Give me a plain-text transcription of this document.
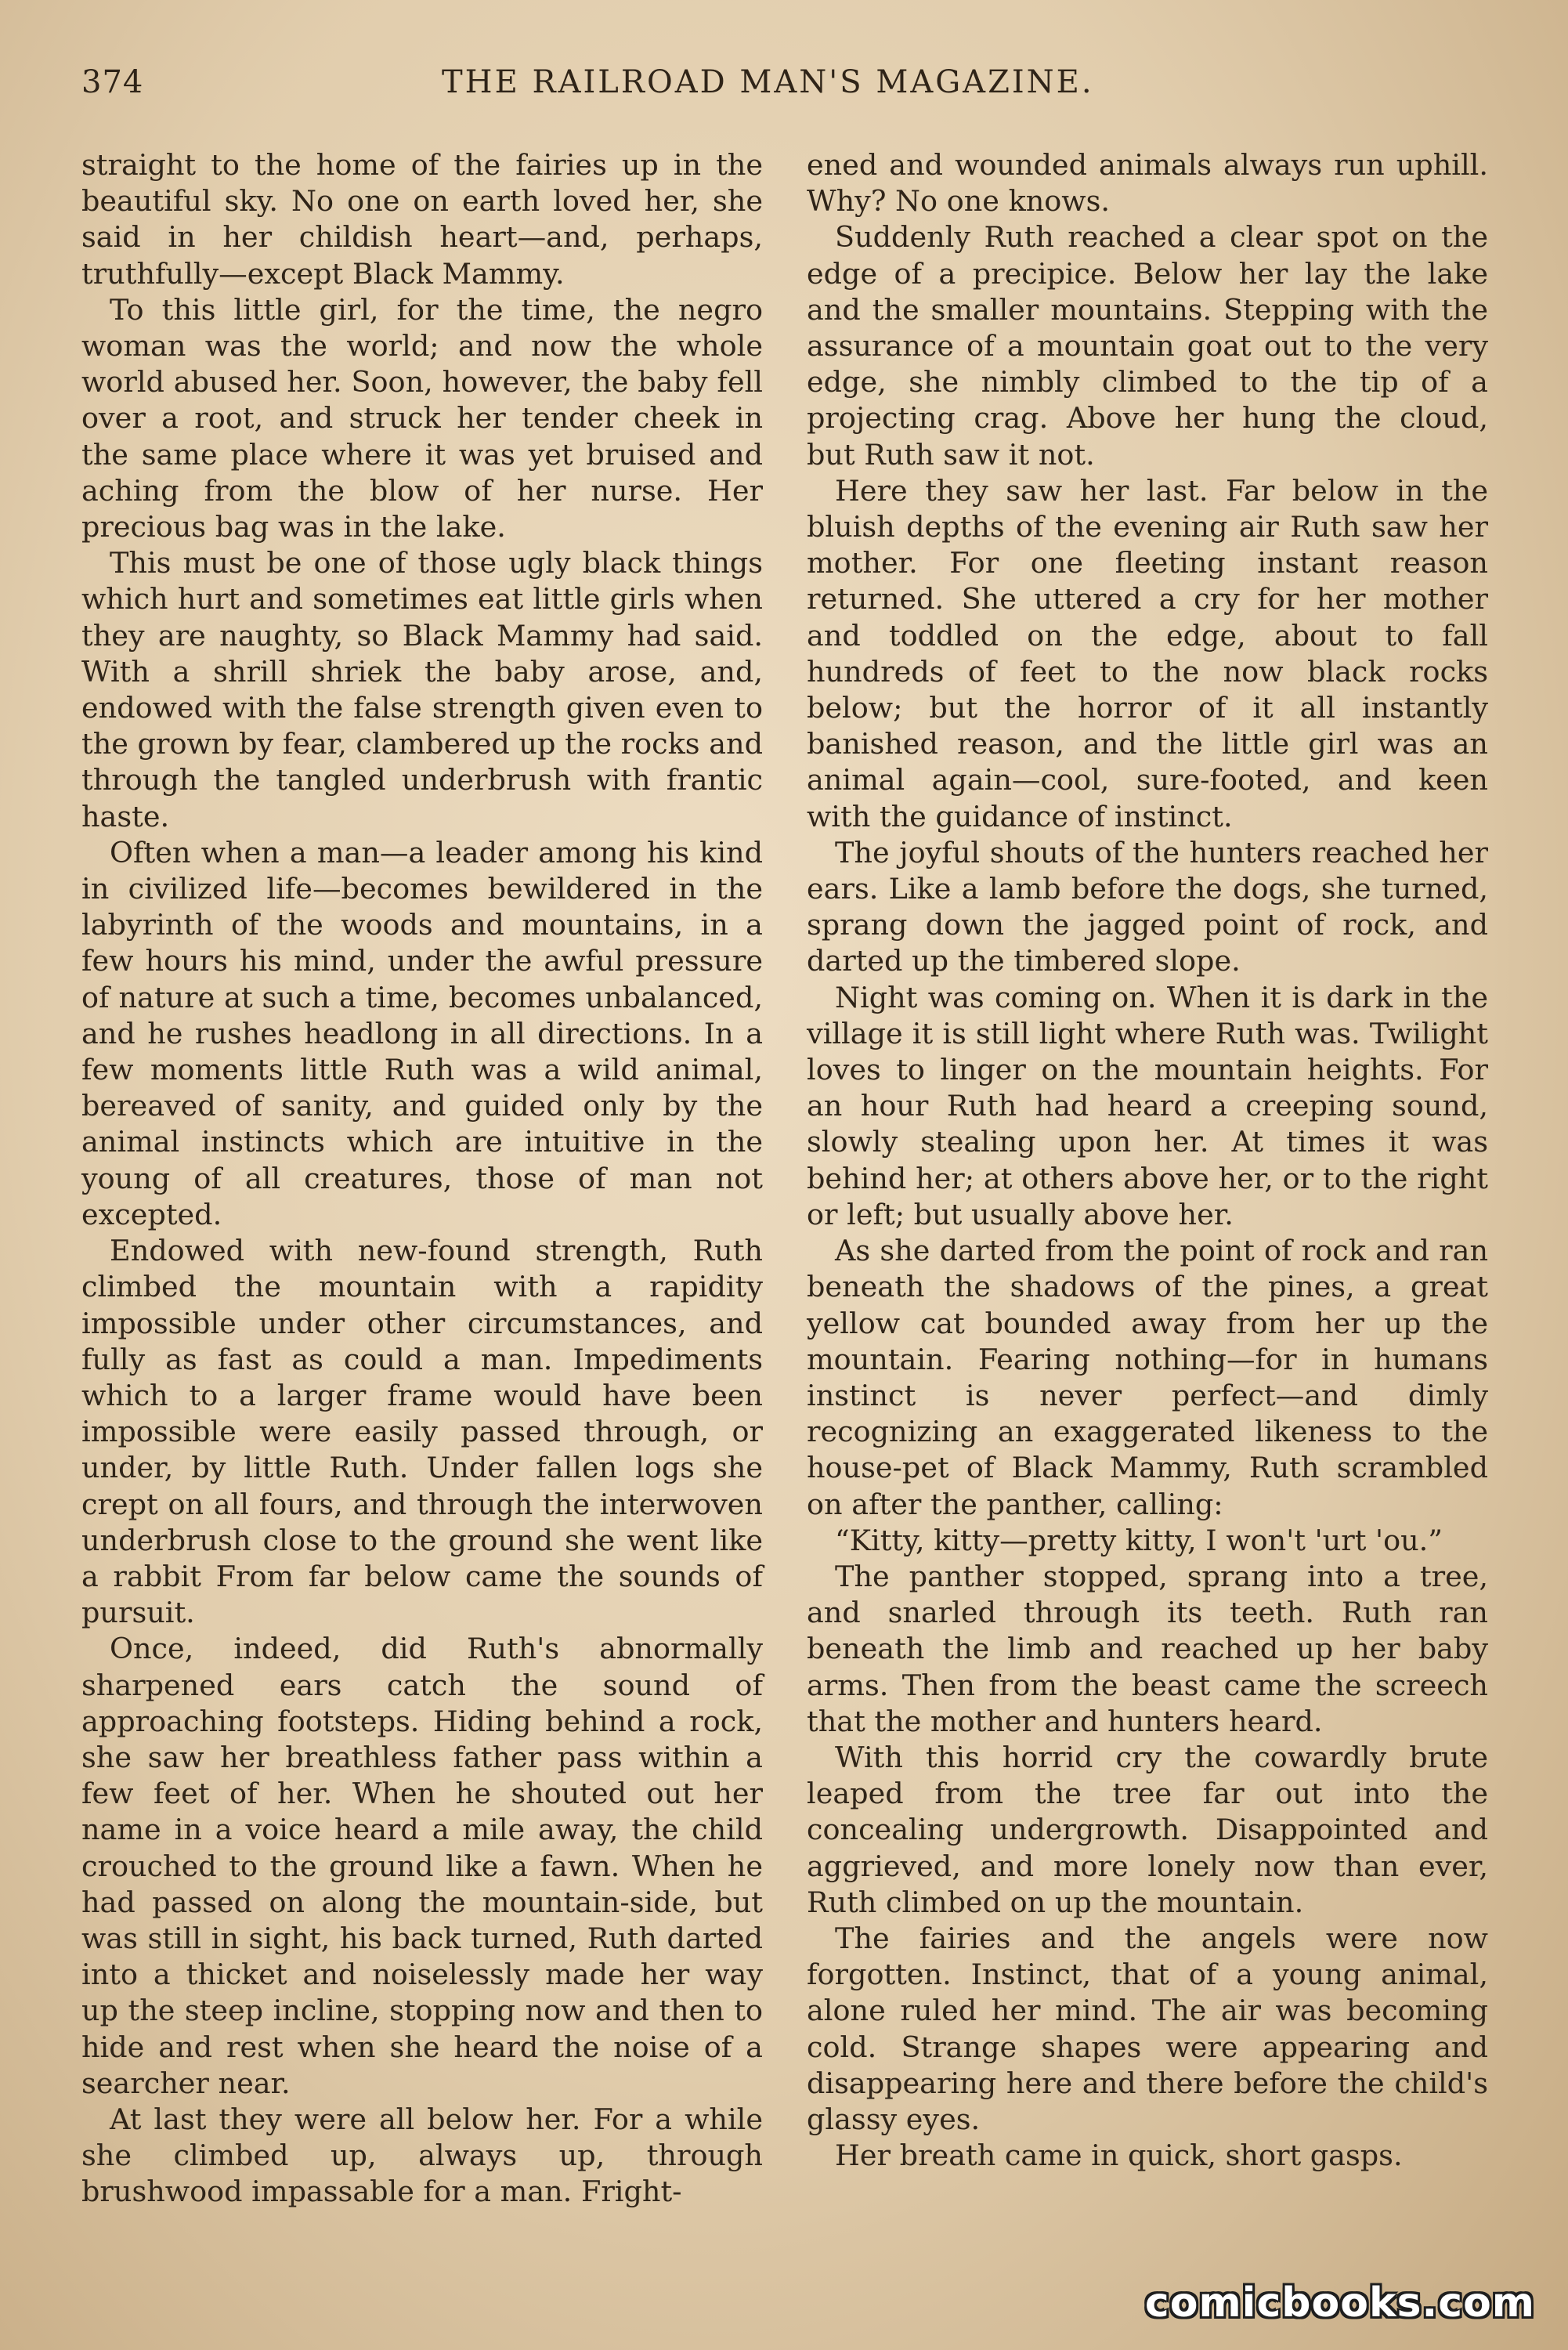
374	THE RAILROAD MAN'S MAGAZINE.

straight to the home of the fairies up in the beautiful sky. No one on earth loved her, she said in her childish heart—and, perhaps, truthfully—except Black Mammy.

To this little girl, for the time, the negro woman was the world; and now the whole world abused her. Soon, however, the baby fell over a root, and struck her tender cheek in the same place where it was yet bruised and aching from the blow of her nurse. Her precious bag was in the lake.

This must be one of those ugly black things which hurt and sometimes eat little girls when they are naughty, so Black Mammy had said. With a shrill shriek the baby arose, and, endowed with the false strength given even to the grown by fear, clambered up the rocks and through the tangled underbrush with frantic haste.

Often when a man—a leader among his kind in civilized life—becomes bewildered in the labyrinth of the woods and mountains, in a few hours his mind, under the awful pressure of nature at such a time, becomes unbalanced, and he rushes headlong in all directions. In a few moments little Ruth was a wild animal, bereaved of sanity, and guided only by the animal instincts which are intuitive in the young of all creatures, those of man not excepted.

Endowed with new-found strength, Ruth climbed the mountain with a rapidity impossible under other circumstances, and fully as fast as could a man. Impediments which to a larger frame would have been impossible were easily passed through, or under, by little Ruth. Under fallen logs she crept on all fours, and through the interwoven underbrush close to the ground she went like a rabbit From far below came the sounds of pursuit.

Once, indeed, did Ruth's abnormally sharpened ears catch the sound of approaching footsteps. Hiding behind a rock, she saw her breathless father pass within a few feet of her. When he shouted out her name in a voice heard a mile away, the child crouched to the ground like a fawn. When he had passed on along the mountain-side, but was still in sight, his back turned, Ruth darted into a thicket and noiselessly made her way up the steep incline, stopping now and then to hide and rest when she heard the noise of a searcher near.

At last they were all below her. For a while she climbed up, always up, through brushwood impassable for a man. Fright-

ened and wounded animals always run uphill. Why? No one knows.

Suddenly Ruth reached a clear spot on the edge of a precipice. Below her lay the lake and the smaller mountains. Stepping with the assurance of a mountain goat out to the very edge, she nimbly climbed to the tip of a projecting crag. Above her hung the cloud, but Ruth saw it not.

Here they saw her last. Far below in the bluish depths of the evening air Ruth saw her mother. For one fleeting instant reason returned. She uttered a cry for her mother and toddled on the edge, about to fall hundreds of feet to the now black rocks below; but the horror of it all instantly banished reason, and the little girl was an animal again—cool, sure-footed, and keen with the guidance of instinct.

The joyful shouts of the hunters reached her ears. Like a lamb before the dogs, she turned, sprang down the jagged point of rock, and darted up the timbered slope.

Night was coming on. When it is dark in the village it is still light where Ruth was. Twilight loves to linger on the mountain heights. For an hour Ruth had heard a creeping sound, slowly stealing upon her. At times it was behind her; at others above her, or to the right or left; but usually above her.

As she darted from the point of rock and ran beneath the shadows of the pines, a great yellow cat bounded away from her up the mountain. Fearing nothing—for in humans instinct is never perfect—and dimly recognizing an exaggerated likeness to the house-pet of Black Mammy, Ruth scrambled on after the panther, calling:

“Kitty, kitty—pretty kitty, I won't 'urt 'ou.”

The panther stopped, sprang into a tree, and snarled through its teeth. Ruth ran beneath the limb and reached up her baby arms. Then from the beast came the screech that the mother and hunters heard.

With this horrid cry the cowardly brute leaped from the tree far out into the concealing undergrowth. Disappointed and aggrieved, and more lonely now than ever, Ruth climbed on up the mountain.

The fairies and the angels were now forgotten. Instinct, that of a young animal, alone ruled her mind. The air was becoming cold. Strange shapes were appearing and disappearing here and there before the child's glassy eyes.

Her breath came in quick, short gasps.

comicbooks.com
